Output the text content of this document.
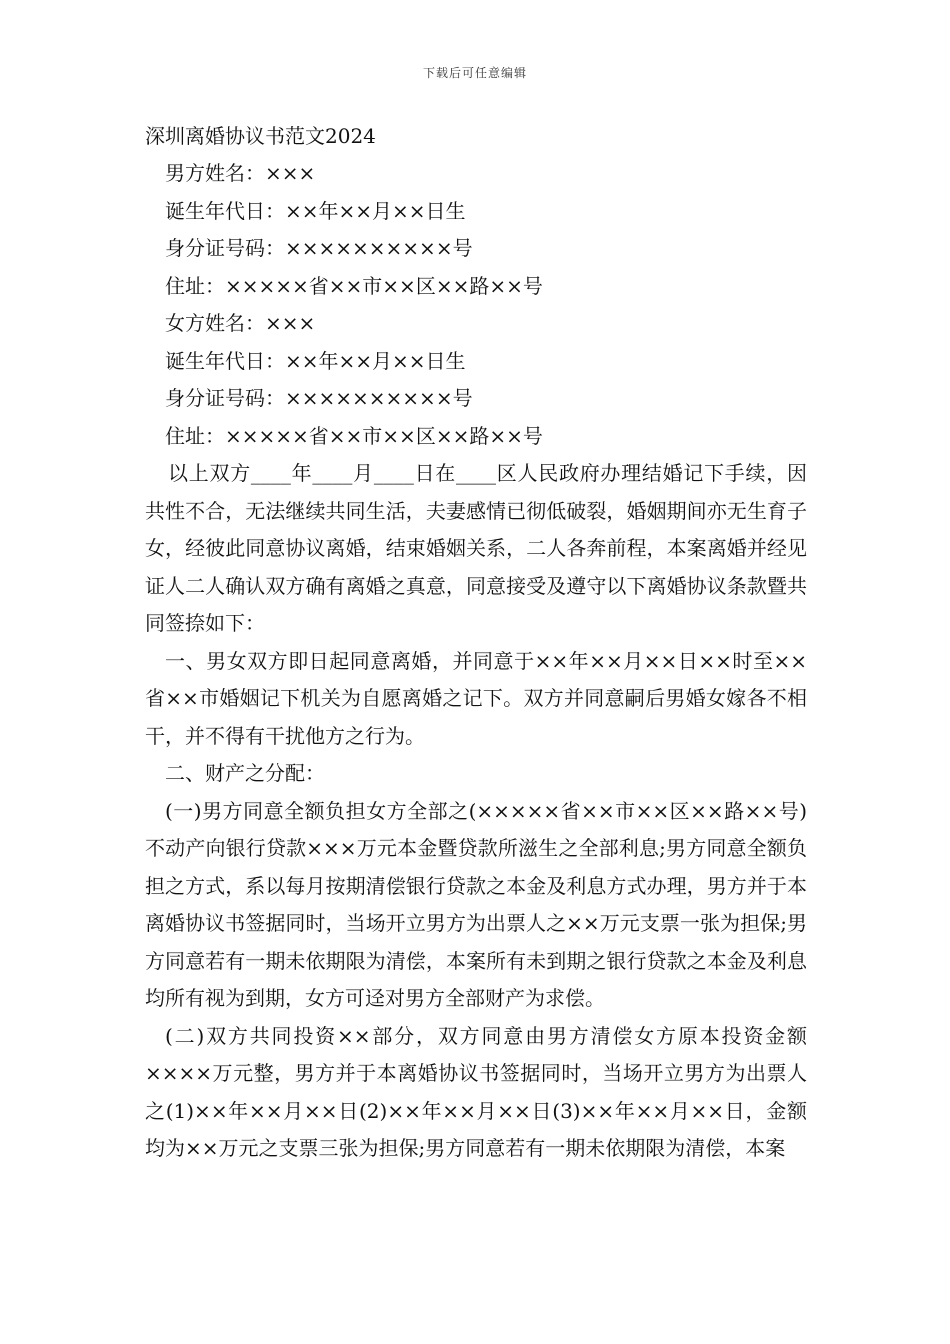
下载后可任意编辑
深圳离婚协议书范文2024
男方姓名：×××
诞生年代日：××年××月××日生
身分证号码：××××××××××号
住址：×××××省××市××区××路××号
女方姓名：×××
诞生年代日：××年××月××日生
身分证号码：××××××××××号
住址：×××××省××市××区××路××号

以上双方____年____月____日在____区人民政府办理结婚记下手续，因共性不合，无法继续共同生活，夫妻感情已彻低破裂，婚姻期间亦无生育子女，经彼此同意协议离婚，结束婚姻关系，二人各奔前程，本案离婚并经见证人二人确认双方确有离婚之真意，同意接受及遵守以下离婚协议条款暨共同签捺如下：

一、男女双方即日起同意离婚，并同意于××年××月××日××时至××省××市婚姻记下机关为自愿离婚之记下。双方并同意嗣后男婚女嫁各不相干，并不得有干扰他方之行为。

二、财产之分配：

(一)男方同意全额负担女方全部之(×××××省××市××区××路××号)不动产向银行贷款×××万元本金暨贷款所滋生之全部利息;男方同意全额负担之方式，系以每月按期清偿银行贷款之本金及利息方式办理，男方并于本离婚协议书签据同时，当场开立男方为出票人之××万元支票一张为担保;男方同意若有一期未依期限为清偿，本案所有未到期之银行贷款之本金及利息均所有视为到期，女方可迳对男方全部财产为求偿。

(二)双方共同投资××部分，双方同意由男方清偿女方原本投资金额××××万元整，男方并于本离婚协议书签据同时，当场开立男方为出票人之(1)××年××月××日(2)××年××月××日(3)××年××月××日，金额均为××万元之支票三张为担保;男方同意若有一期未依期限为清偿，本案
